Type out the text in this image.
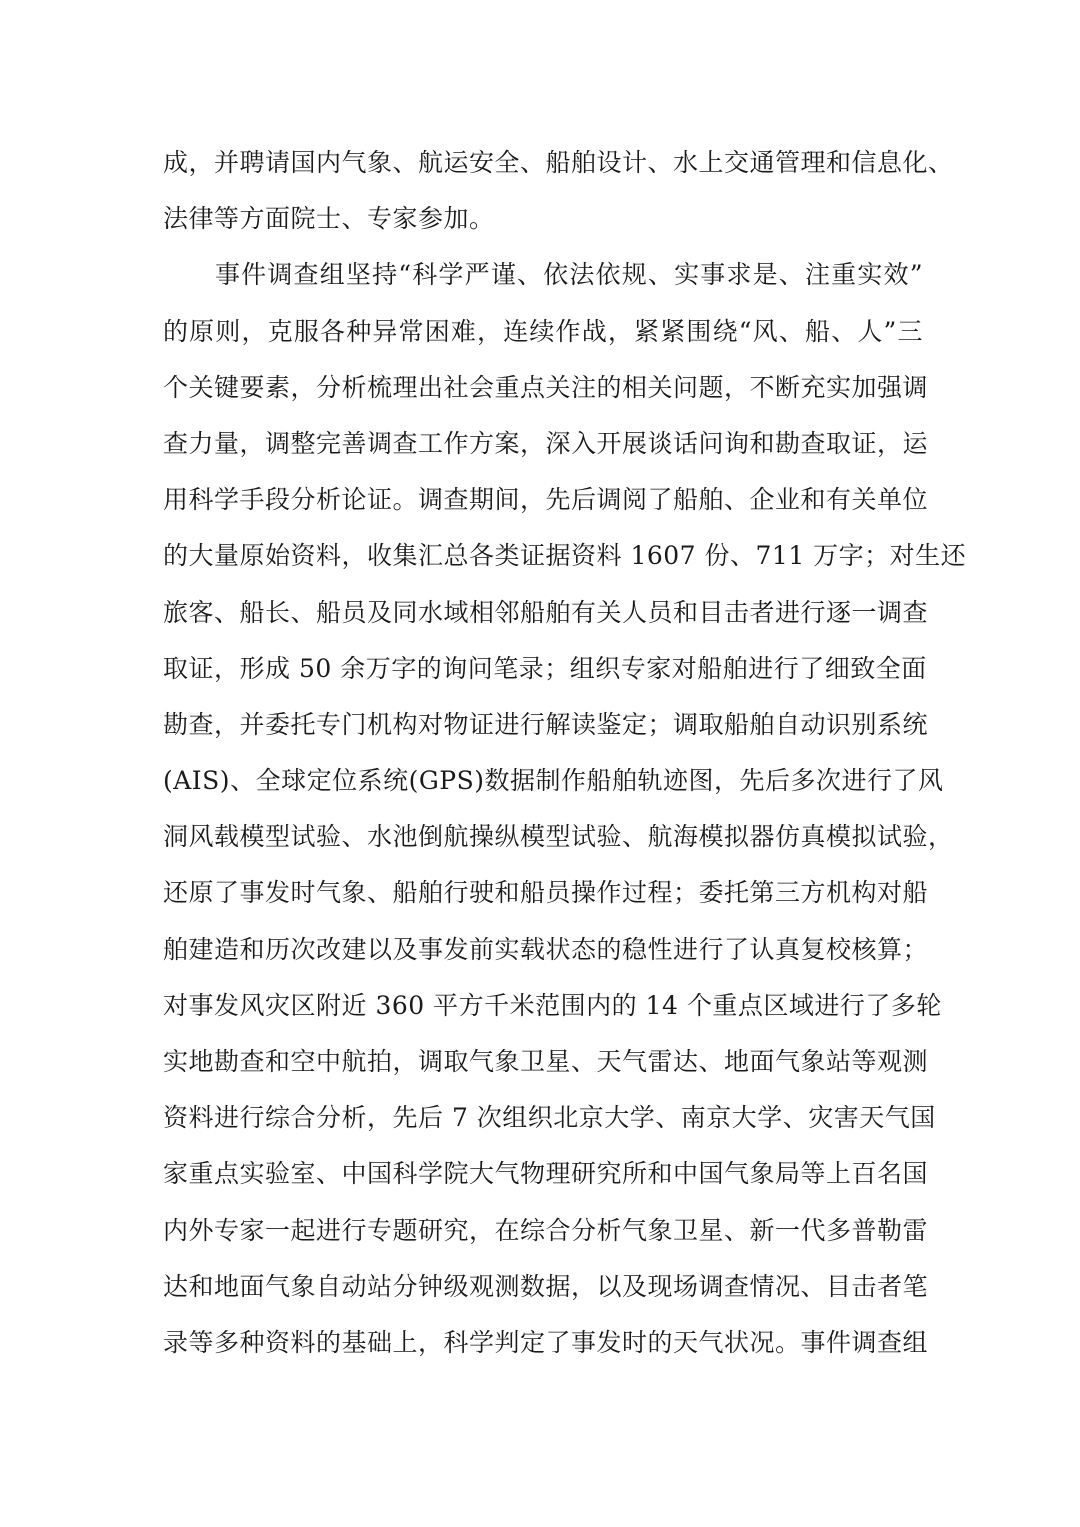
成，并聘请国内气象、航运安全、船舶设计、水上交通管理和信息化、
法律等方面院士、专家参加。
事件调查组坚持“科学严谨、依法依规、实事求是、注重实效”
的原则，克服各种异常困难，连续作战，紧紧围绕“风、船、人”三
个关键要素，分析梳理出社会重点关注的相关问题，不断充实加强调
查力量，调整完善调查工作方案，深入开展谈话问询和勘查取证，运
用科学手段分析论证。调查期间，先后调阅了船舶、企业和有关单位
的大量原始资料，收集汇总各类证据资料 1607 份、711 万字；对生还
旅客、船长、船员及同水域相邻船舶有关人员和目击者进行逐一调查
取证，形成 50 余万字的询问笔录；组织专家对船舶进行了细致全面
勘查，并委托专门机构对物证进行解读鉴定；调取船舶自动识别系统
(AIS)、全球定位系统(GPS)数据制作船舶轨迹图，先后多次进行了风
洞风载模型试验、水池倒航操纵模型试验、航海模拟器仿真模拟试验，
还原了事发时气象、船舶行驶和船员操作过程；委托第三方机构对船
舶建造和历次改建以及事发前实载状态的稳性进行了认真复校核算；
对事发风灾区附近 360 平方千米范围内的 14 个重点区域进行了多轮
实地勘查和空中航拍，调取气象卫星、天气雷达、地面气象站等观测
资料进行综合分析，先后 7 次组织北京大学、南京大学、灾害天气国
家重点实验室、中国科学院大气物理研究所和中国气象局等上百名国
内外专家一起进行专题研究，在综合分析气象卫星、新一代多普勒雷
达和地面气象自动站分钟级观测数据，以及现场调查情况、目击者笔
录等多种资料的基础上，科学判定了事发时的天气状况。事件调查组
